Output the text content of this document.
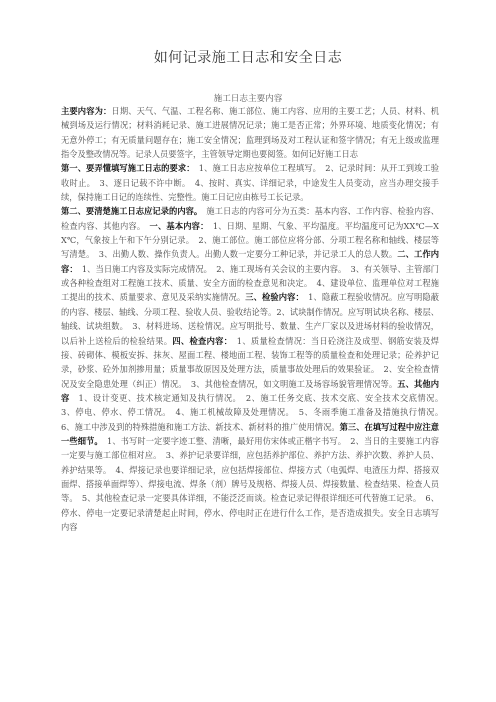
如何记录施工日志和安全日志
施工日志主要内容
主要内容为：日期、天气、气温、工程名称、施工部位、施工内容、应用的主要工艺；人员、材料、机械到场及运行情况；材料消耗记录、施工进展情况记录；施工是否正常；外界环境、地质变化情况；有无意外停工；有无质量问题存在；施工安全情况；监理到场及对工程认证和签字情况；有无上级或监理指令及整改情况等。记录人员要签字，主管领导定期也要阅签。如何记好施工日志
第一、要弄懂填写施工日志的要求：　1、施工日志应按单位工程填写。　2、记录时间：从开工到竣工验收时止。　3、逐日记载不许中断。　4、按时、真实、详细记录，中途发生人员变动，应当办理交接手续，保持施工日记的连续性、完整性。施工日记应由栋号工长记录。
第二、要清楚施工日志应记录的内容。　施工日志的内容可分为五类：基本内容、工作内容、检验内容、检查内容、其他内容。　一、基本内容：　1、日期、星期、气象、平均温度。平均温度可记为XX℃—XX℃，气象按上午和下午分别记录。　2、施工部位。施工部位应将分部、分项工程名称和轴线、楼层等写清楚。　3、出勤人数、操作负责人。出勤人数一定要分工种记录，并记录工人的总人数。二、工作内容：　1、当日施工内容及实际完成情况。　2、施工现场有关会议的主要内容。　3、有关领导、主管部门或各种检查组对工程施工技术、质量、安全方面的检查意见和决定。　4、建设单位、监理单位对工程施工提出的技术、质量要求、意见及采纳实施情况。三、检验内容：　1、隐蔽工程验收情况。应写明隐蔽的内容、楼层、轴线、分项工程、验收人员、验收结论等。2、试块制作情况。应写明试块名称、楼层、轴线、试块组数。　3、材料进场、送检情况。应写明批号、数量、生产厂家以及进场材料的验收情况，以后补上送检后的检验结果。四、检查内容：　1、质量检查情况：当日砼浇注及成型、钢筋安装及焊接、砖砌体、模板安拆、抹灰、屋面工程、楼地面工程、装饰工程等的质量检查和处理记录；砼养护记录，砂浆、砼外加剂掺用量；质量事故原因及处理方法，质量事故处理后的效果验证。　2、安全检查情况及安全隐患处理（纠正）情况。　3、其他检查情况，如文明施工及场容场貌管理情况等。五、其他内容　1、设计变更、技术核定通知及执行情况。　2、施工任务交底、技术交底、安全技术交底情况。　3、停电、停水、停工情况。　4、施工机械故障及处理情况。　5、冬雨季施工准备及措施执行情况。　6、施工中涉及到的特殊措施和施工方法、新技术、新材料的推广使用情况。第三、在填写过程中应注意一些细节。　1、书写时一定要字迹工整、清晰，最好用仿宋体或正楷字书写。　2、当日的主要施工内容一定要与施工部位相对应。　3、养护记录要详细，应包括养护部位、养护方法、养护次数、养护人员、养护结果等。　4、焊接记录也要详细记录，应包括焊接部位、焊接方式（电弧焊、电渣压力焊、搭接双面焊、搭接单面焊等）、焊接电流、焊条（剂）牌号及规格、焊接人员、焊接数量、检查结果、检查人员等。　5、其他检查记录一定要具体详细，不能泛泛而谈。检查记录记得很详细还可代替施工记录。　6、停水、停电一定要记录清楚起止时间，停水、停电时正在进行什么工作，是否造成损失。安全日志填写内容
